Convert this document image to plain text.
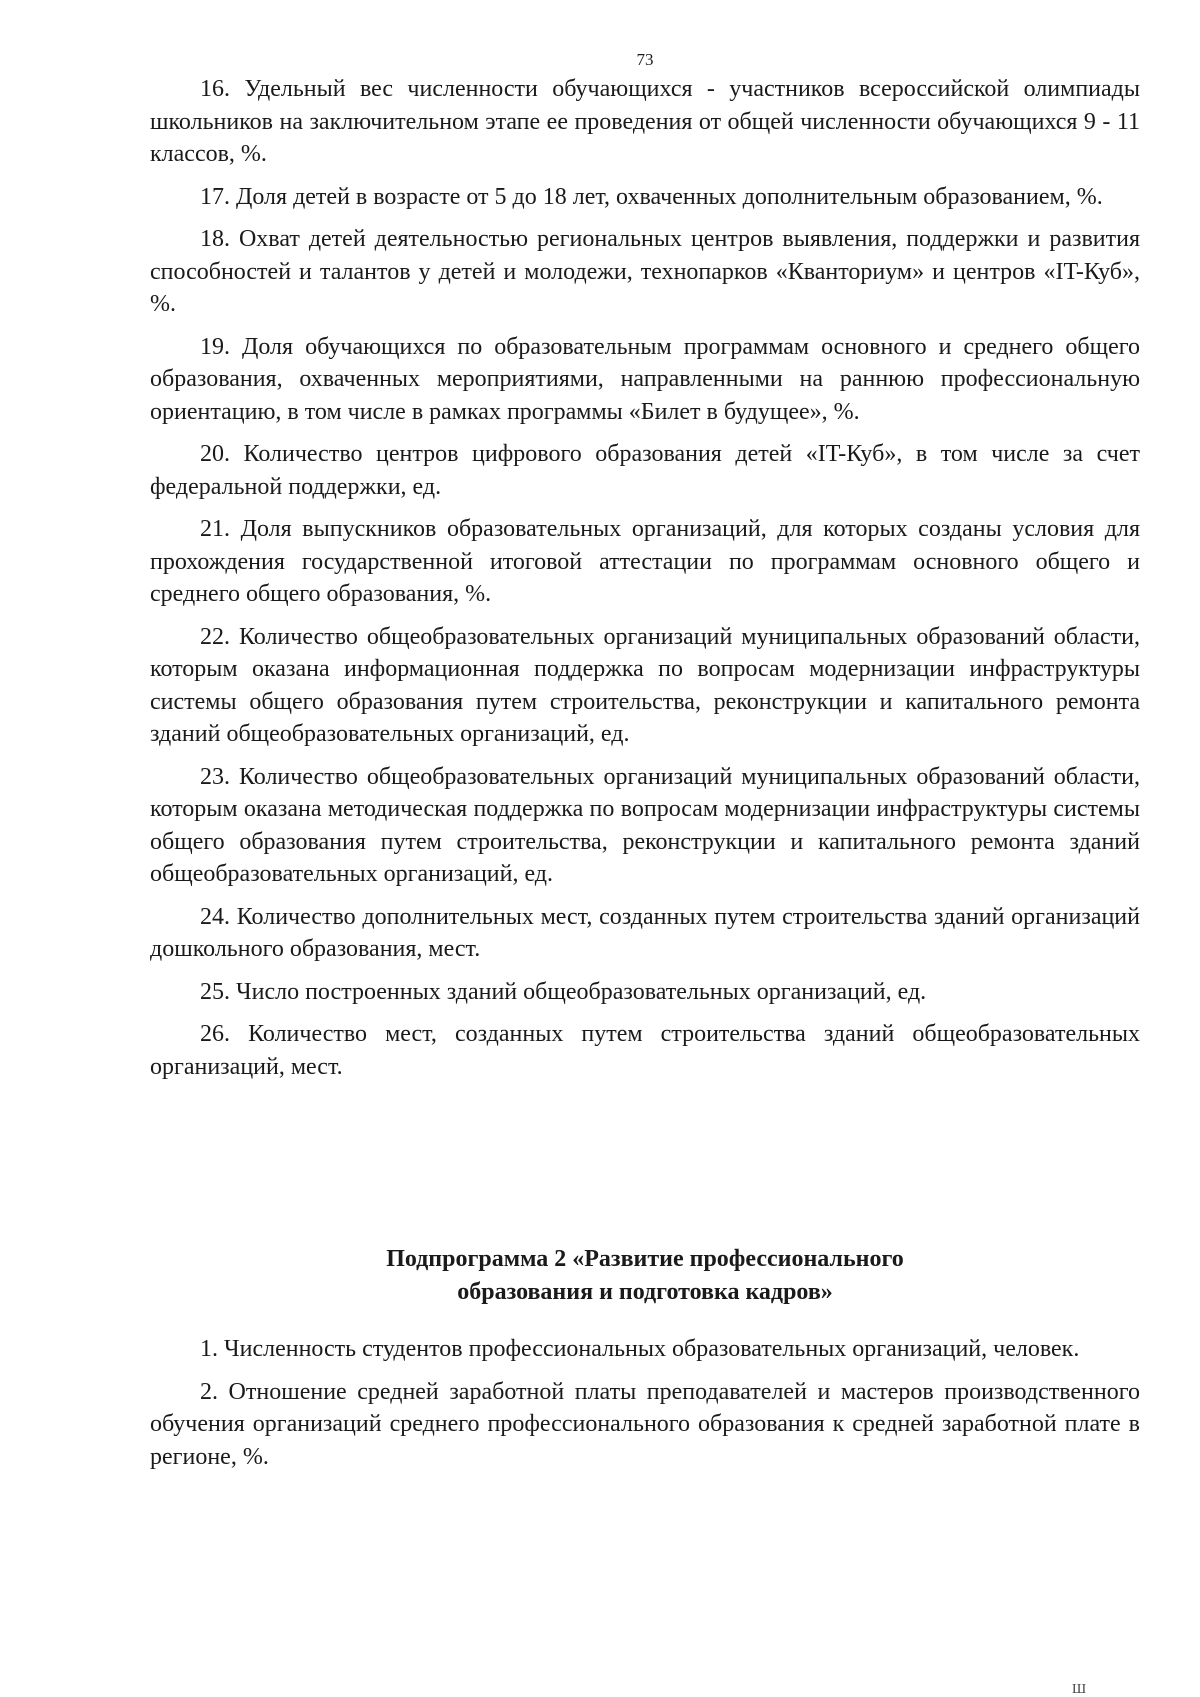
73

16. Удельный вес численности обучающихся - участников всероссийской олимпиады школьников на заключительном этапе ее проведения от общей численности обучающихся 9 - 11 классов, %.

17. Доля детей в возрасте от 5 до 18 лет, охваченных дополнительным образованием, %.

18. Охват детей деятельностью региональных центров выявления, поддержки и развития способностей и талантов у детей и молодежи, технопарков «Кванториум» и центров «IT-Куб», %.

19. Доля обучающихся по образовательным программам основного и среднего общего образования, охваченных мероприятиями, направленными на раннюю профессиональную ориентацию, в том числе в рамках программы «Билет в будущее», %.

20. Количество центров цифрового образования детей «IT-Куб», в том числе за счет федеральной поддержки, ед.

21. Доля выпускников образовательных организаций, для которых созданы условия для прохождения государственной итоговой аттестации по программам основного общего и среднего общего образования, %.

22. Количество общеобразовательных организаций муниципальных образований области, которым оказана информационная поддержка по вопросам модернизации инфраструктуры системы общего образования путем строительства, реконструкции и капитального ремонта зданий общеобразовательных организаций, ед.

23. Количество общеобразовательных организаций муниципальных образований области, которым оказана методическая поддержка по вопросам модернизации инфраструктуры системы общего образования путем строительства, реконструкции и капитального ремонта зданий общеобразовательных организаций, ед.

24. Количество дополнительных мест, созданных путем строительства зданий организаций дошкольного образования, мест.

25. Число построенных зданий общеобразовательных организаций, ед.

26. Количество мест, созданных путем строительства зданий общеобразовательных организаций, мест.

Подпрограмма 2 «Развитие профессионального
образования и подготовка кадров»

1. Численность студентов профессиональных образовательных организаций, человек.

2. Отношение средней заработной платы преподавателей и мастеров производственного обучения организаций среднего профессионального образования к средней заработной плате в регионе, %.

Ш
